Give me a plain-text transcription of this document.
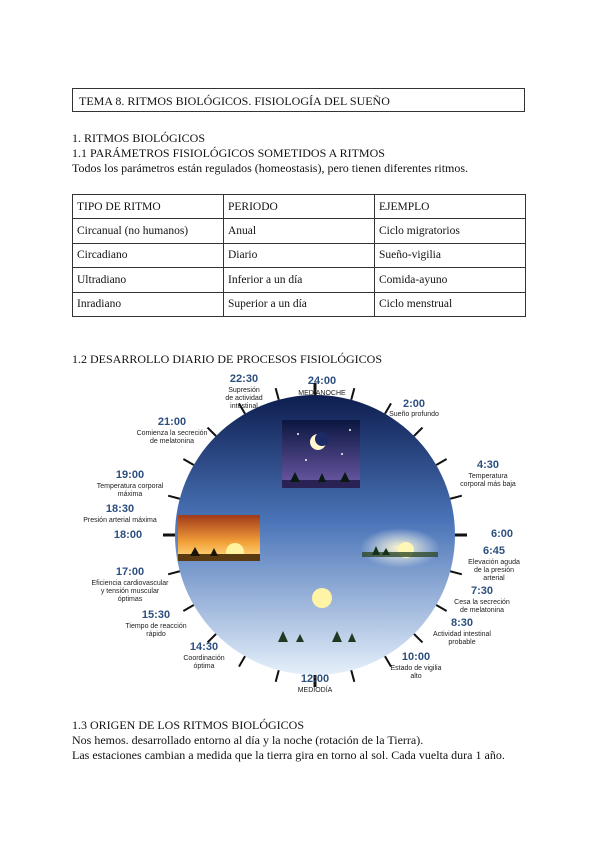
TEMA 8. RITMOS BIOLÓGICOS. FISIOLOGÍA DEL SUEÑO
1. RITMOS BIOLÓGICOS
1.1 PARÁMETROS FISIOLÓGICOS SOMETIDOS A RITMOS
Todos los parámetros están regulados (homeostasis), pero tienen diferentes ritmos.
TIPO DE RITMO	PERIODO	EJEMPLO
Circanual (no humanos)	Anual	Ciclo migratorios
Circadiano	Diario	Sueño-vigilia
Ultradiano	Inferior a un día	Comida-ayuno
Inradiano	Superior a un día	Ciclo menstrual
1.2 DESARROLLO DIARIO DE PROCESOS FISIOLÓGICOS
22:30
Supresión de actividad intestinal
24:00
MEDIANOCHE
2:00
Sueño profundo
4:30
Temperatura corporal más baja
6:00
6:45
Elevación aguda de la presión arterial
7:30
Cesa la secreción de melatonina
8:30
Actividad intestinal probable
10:00
Estado de vigilia alto
12:00
MEDIODÍA
14:30
Coordinación óptima
15:30
Tiempo de reacción rápido
17:00
Eficiencia cardiovascular y tensión muscular óptimas
18:00
18:30
Presión arterial máxima
19:00
Temperatura corporal máxima
21:00
Comienza la secreción de melatonina
1.3 ORIGEN DE LOS RITMOS BIOLÓGICOS
Nos hemos. desarrollado entorno al día y la noche (rotación de la Tierra).
Las estaciones cambian a medida que la tierra gira en torno al sol. Cada vuelta dura 1 año.
